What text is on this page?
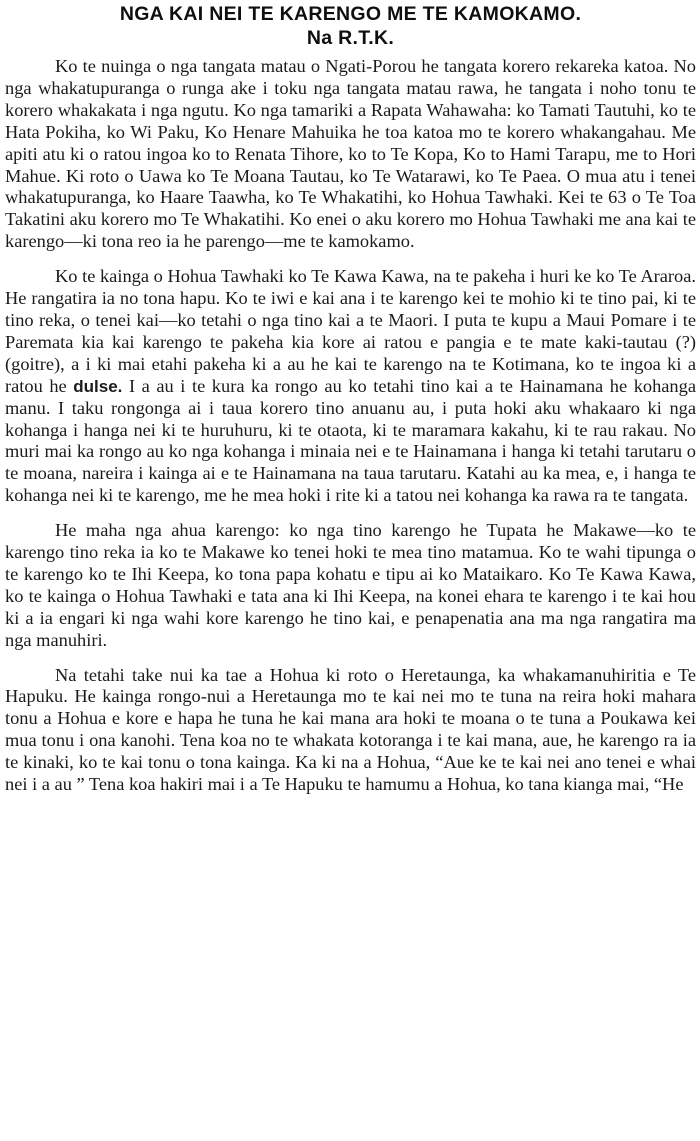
NGA KAI NEI TE KARENGO ME TE KAMOKAMO.
Na R.T.K.

Ko te nuinga o nga tangata matau o Ngati-Porou he tangata korero rekareka katoa. No nga whakatupuranga o runga ake i toku nga tangata matau rawa, he tangata i noho tonu te korero whakakata i nga ngutu. Ko nga tamariki a Rapata Wahawaha: ko Tamati Tautuhi, ko te Hata Pokiha, ko Wi Paku, Ko Henare Mahuika he toa katoa mo te korero whakangahau. Me apiti atu ki o ratou ingoa ko to Renata Tihore, ko to Te Kopa, Ko to Hami Tarapu, me to Hori Mahue. Ki roto o Uawa ko Te Moana Tautau, ko Te Watarawi, ko Te Paea. O mua atu i tenei whakatupuranga, ko Haare Taawha, ko Te Whakatihi, ko Hohua Tawhaki. Kei te 63 o Te Toa Takatini aku korero mo Te Whakatihi. Ko enei o aku korero mo Hohua Tawhaki me ana kai te karengo—ki tona reo ia he parengo—me te kamokamo.

Ko te kainga o Hohua Tawhaki ko Te Kawa Kawa, na te pakeha i huri ke ko Te Araroa. He rangatira ia no tona hapu. Ko te iwi e kai ana i te karengo kei te mohio ki te tino pai, ki te tino reka, o tenei kai—ko tetahi o nga tino kai a te Maori. I puta te kupu a Maui Pomare i te Paremata kia kai karengo te pakeha kia kore ai ratou e pangia e te mate kaki-tautau (?) (goitre), a i ki mai etahi pakeha ki a au he kai te karengo na te Kotimana, ko te ingoa ki a ratou he dulse. I a au i te kura ka rongo au ko tetahi tino kai a te Hainamana he kohanga manu. I taku rongonga ai i taua korero tino anuanu au, i puta hoki aku whakaaro ki nga kohanga i hanga nei ki te huruhuru, ki te otaota, ki te maramara kakahu, ki te rau rakau. No muri mai ka rongo au ko nga kohanga i minaia nei e te Hainamana i hanga ki tetahi tarutaru o te moana, nareira i kainga ai e te Hainamana na taua tarutaru. Katahi au ka mea, e, i hanga te kohanga nei ki te karengo, me he mea hoki i rite ki a tatou nei kohanga ka rawa ra te tangata.

He maha nga ahua karengo: ko nga tino karengo he Tupata he Makawe—ko te karengo tino reka ia ko te Makawe ko tenei hoki te mea tino matamua. Ko te wahi tipunga o te karengo ko te Ihi Keepa, ko tona papa kohatu e tipu ai ko Mataikaro. Ko Te Kawa Kawa, ko te kainga o Hohua Tawhaki e tata ana ki Ihi Keepa, na konei ehara te karengo i te kai hou ki a ia engari ki nga wahi kore karengo he tino kai, e penapenatia ana ma nga rangatira ma nga manuhiri.

Na tetahi take nui ka tae a Hohua ki roto o Heretaunga, ka whakamanuhiritia e Te Hapuku. He kainga rongo-nui a Heretaunga mo te kai nei mo te tuna na reira hoki mahara tonu a Hohua e kore e hapa he tuna he kai mana ara hoki te moana o te tuna a Poukawa kei mua tonu i ona kanohi. Tena koa no te whakata kotoranga i te kai mana, aue, he karengo ra ia te kinaki, ko te kai tonu o tona kainga. Ka ki na a Hohua, “Aue ke te kai nei ano tenei e whai nei i a au ” Tena koa hakiri mai i a Te Hapuku te hamumu a Hohua, ko tana kianga mai, “He
